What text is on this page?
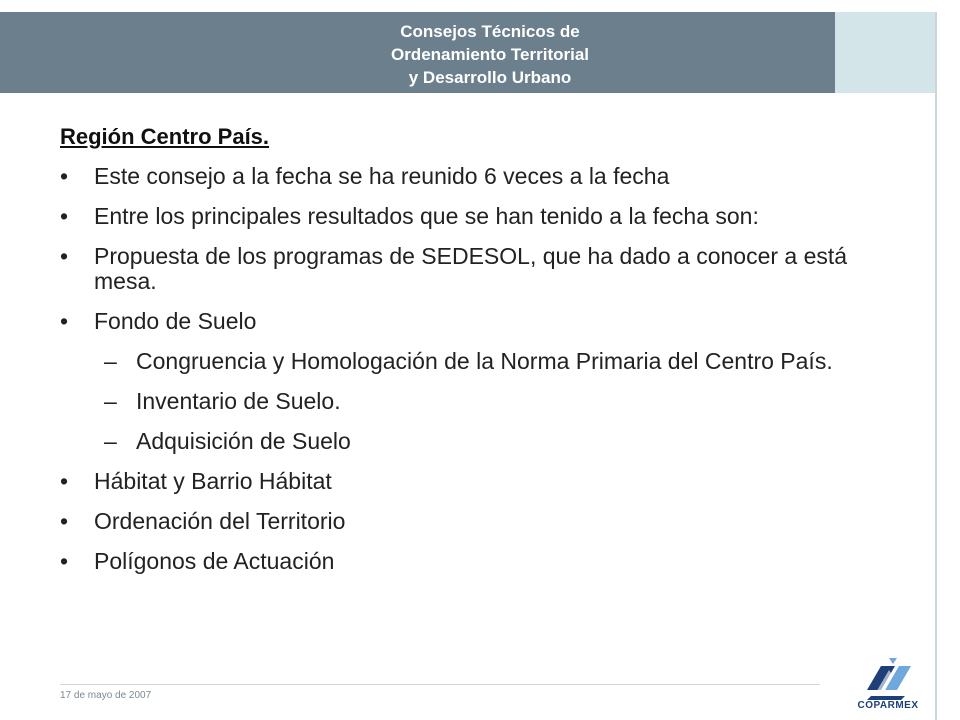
Consejos Técnicos de
Ordenamiento Territorial
y Desarrollo Urbano

Región Centro País.

• Este consejo a la fecha se ha reunido 6 veces a la fecha
• Entre los principales resultados que se han tenido a la fecha son:
• Propuesta de los programas de SEDESOL, que ha dado a conocer a está mesa.
• Fondo de Suelo
– Congruencia y Homologación de la Norma Primaria del Centro País.
– Inventario de Suelo.
– Adquisición de Suelo
• Hábitat y Barrio Hábitat
• Ordenación del Territorio
• Polígonos de Actuación
17 de mayo de 2007
COPARMEX
